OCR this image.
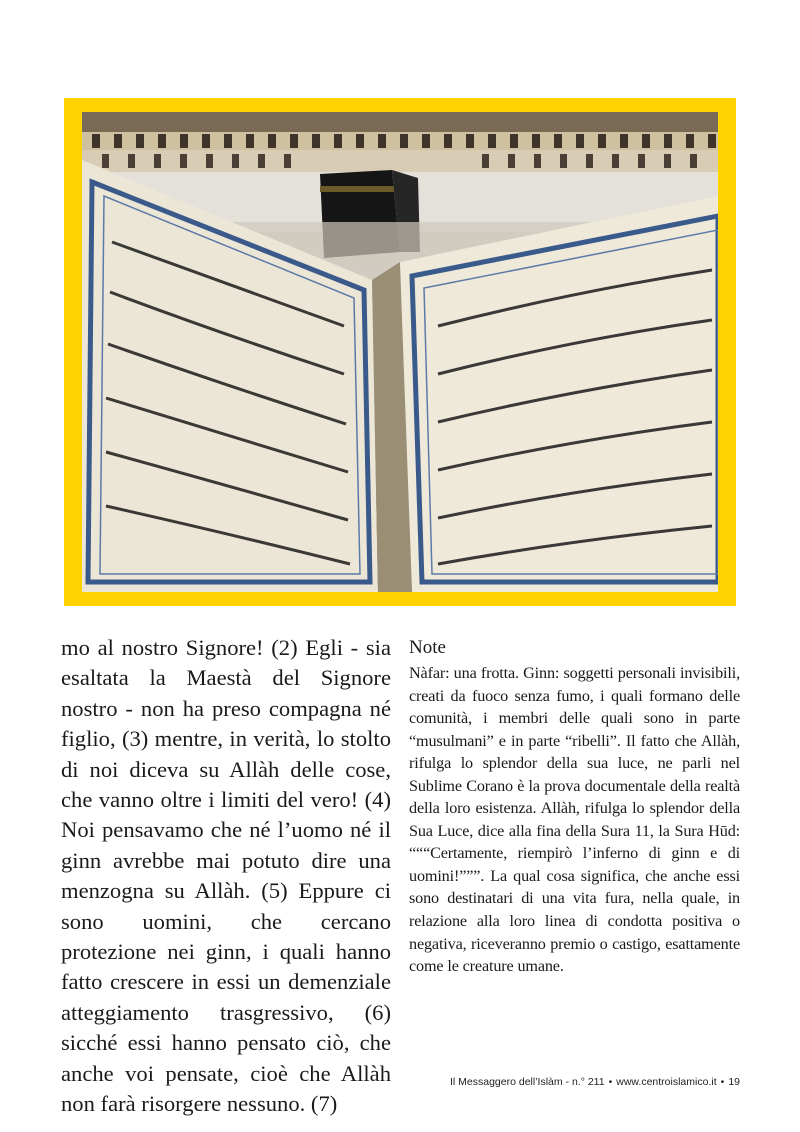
mo al nostro Signore! (2) Egli - sia esaltata la Maestà del Signore nostro - non ha preso compagna né figlio, (3) mentre, in verità, lo stolto di noi diceva su Allàh delle cose, che vanno oltre i limiti del vero! (4) Noi pensavamo che né l’uomo né il ginn avrebbe mai potuto dire una menzogna su Allàh. (5) Eppure ci sono uomini, che cercano protezione nei ginn, i quali hanno fatto crescere in essi un demenziale atteggiamento trasgressivo, (6) sicché essi hanno pensato ciò, che anche voi pensate, cioè che Allàh non farà risorgere nessuno. (7)

Note

Nàfar: una frotta. Ginn: soggetti personali invisibili, creati da fuoco senza fumo, i quali formano delle comunità, i membri delle quali sono in parte “musulmani” e in parte “ribelli”. Il fatto che Allàh, rifulga lo splendor della sua luce, ne parli nel Sublime Corano è la prova documentale della realtà della loro esistenza. Allàh, rifulga lo splendor della Sua Luce, dice alla fina della Sura 11, la Sura Hūd: “““Certamente, riempirò l’inferno di ginn e di uomini!”””. La qual cosa significa, che anche essi sono destinatari di una vita fura, nella quale, in relazione alla loro linea di condotta positiva o negativa, riceveranno premio o castigo, esattamente come le creature umane.

Il Messaggero dell’Islàm - n.° 211 • www.centroislamico.it • 19
